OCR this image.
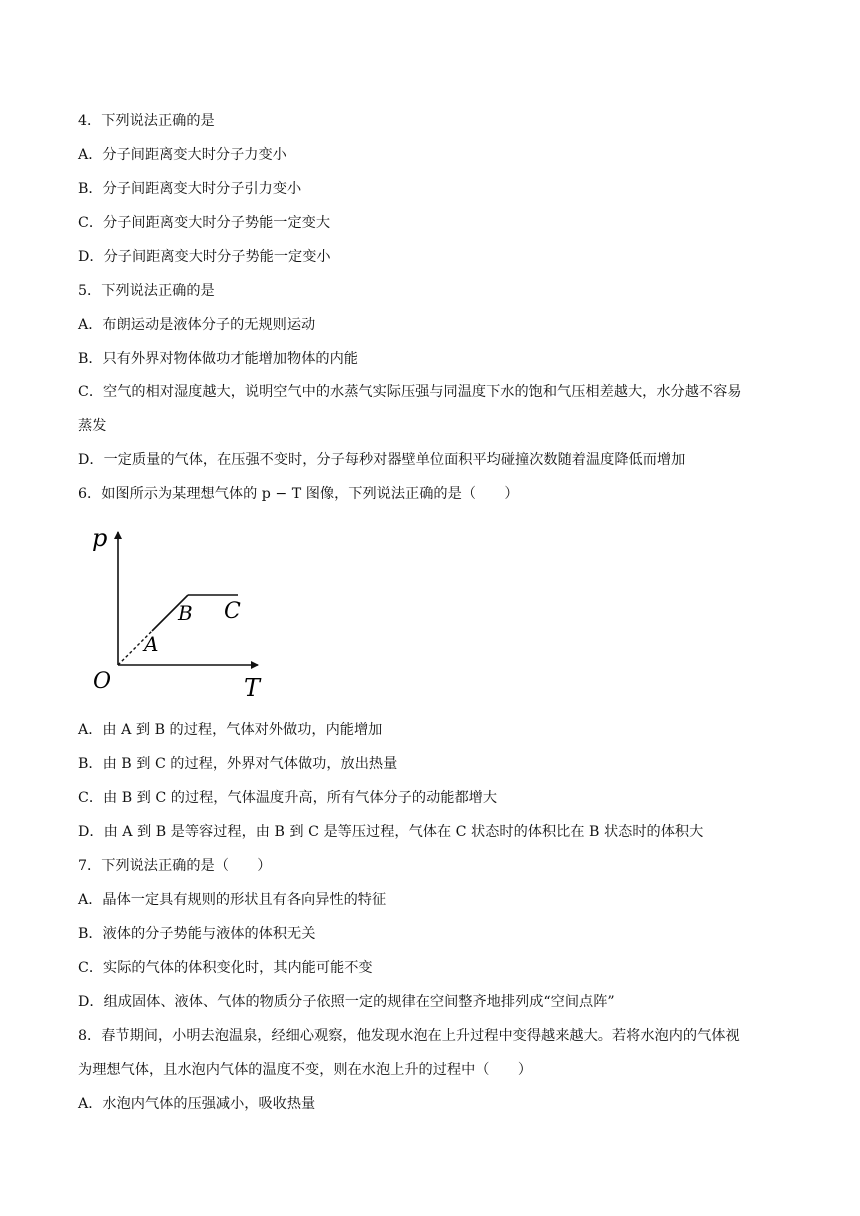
4．下列说法正确的是
A．分子间距离变大时分子力变小
B．分子间距离变大时分子引力变小
C．分子间距离变大时分子势能一定变大
D．分子间距离变大时分子势能一定变小
5．下列说法正确的是
A．布朗运动是液体分子的无规则运动
B．只有外界对物体做功才能增加物体的内能
C．空气的相对湿度越大，说明空气中的水蒸气实际压强与同温度下水的饱和气压相差越大，水分越不容易
蒸发
D．一定质量的气体，在压强不变时，分子每秒对器壁单位面积平均碰撞次数随着温度降低而增加
6．如图所示为某理想气体的 p − T 图像，下列说法正确的是（　　）
p
T
O
A
B C
A．由 A 到 B 的过程，气体对外做功，内能增加
B．由 B 到 C 的过程，外界对气体做功，放出热量
C．由 B 到 C 的过程，气体温度升高，所有气体分子的动能都增大
D．由 A 到 B 是等容过程，由 B 到 C 是等压过程，气体在 C 状态时的体积比在 B 状态时的体积大
7．下列说法正确的是（　　）
A．晶体一定具有规则的形状且有各向异性的特征
B．液体的分子势能与液体的体积无关
C．实际的气体的体积变化时，其内能可能不变
D．组成固体、液体、气体的物质分子依照一定的规律在空间整齐地排列成“空间点阵”
8．春节期间，小明去泡温泉，经细心观察，他发现水泡在上升过程中变得越来越大。若将水泡内的气体视
为理想气体，且水泡内气体的温度不变，则在水泡上升的过程中（　　）
A．水泡内气体的压强减小，吸收热量
